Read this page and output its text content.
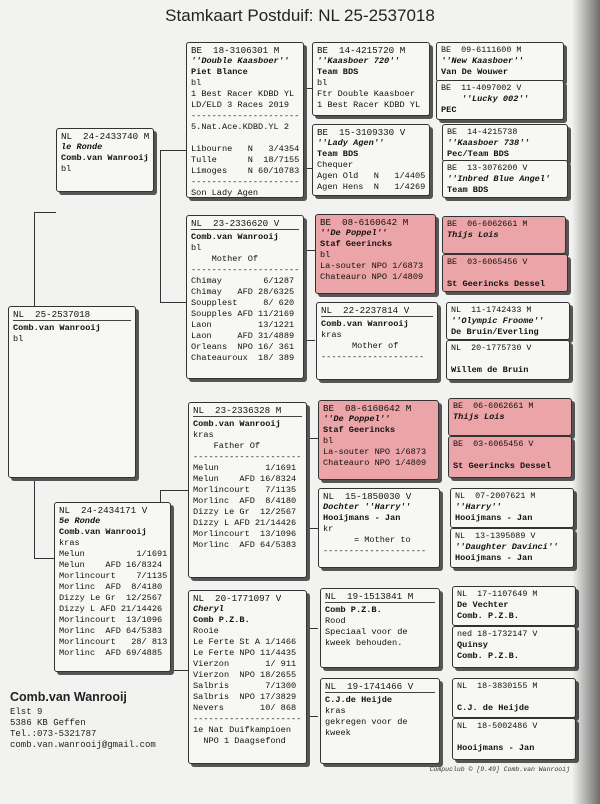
Stamkaart Postduif: NL 25-2537018
NL  25-2537018
Comb.van Wanrooij
bl
NL  24-2433740 M
le Ronde
Comb.van Wanrooij
bl
NL  24-2434171 V
5e Ronde
Comb.van Wanrooij
kras
Melun          1/1691
Melun    AFD 16/8324
Morlincourt    7/1135
Morlinc  AFD  8/4180
Dizzy Le Gr  12/2567
Dizzy L AFD 21/14426
Morlincourt  13/1096
Morlinc  AFD 64/5383
Morlincourt   28/ 813
Morlinc  AFD 69/4885
BE  18-3106301 M
''Double Kaasboer''
Piet Blance
bl
1 Best Racer KDBD YL
LD/ELD 3 Races 2019
---------------------
5.Nat.Ace.KDBD.YL 2
Libourne   N   3/4354
Tulle      N  18/7155
Limoges    N 60/10783
---------------------
Son Lady Agen
NL  23-2336620 V
Comb.van Wanrooij
bl
Mother Of
---------------------
Chimay        6/1287
Chimay   AFD 28/6325
Soupplest     8/ 620
Soupples AFD 11/2169
Laon         13/1221
Laon     AFD 31/4889
Orleans  NPO 16/ 361
Chateauroux  18/ 389
NL  23-2336328 M
Comb.van Wanrooij
kras
Father Of
---------------------
Melun         1/1691
Melun    AFD 16/8324
Morlincourt   7/1135
Morlinc  AFD  8/4180
Dizzy Le Gr  12/2567
Dizzy L AFD 21/14426
Morlincourt  13/1096
Morlinc  AFD 64/5383
NL  20-1771097 V
Cheryl
Comb P.Z.B.
Rooie
Le Ferte St A 1/1466
Le Ferte NPO 11/4435
Vierzon       1/ 911
Vierzon  NPO 18/2655
Salbris       7/1300
Salbris  NPO 17/3829
Nevers       10/ 868
---------------------
1e Nat Duifkampioen
NPO 1 Daagsefond
BE  14-4215720 M
''Kaasboer 720''
Team BDS
bl
Ftr Double Kaasboer
1 Best Racer KDBD YL
BE  15-3109330 V
''Lady Agen''
Team BDS
Chequer
Agen Old   N   1/4405
Agen Hens  N   1/4269
BE  08-6160642 M
''De Poppel''
Staf Geerincks
bl
La-souter NPO 1/6873
Chateauro NPO 1/4809
NL  22-2237814 V
Comb.van Wanrooij
kras
Mother of
--------------------
BE  08-6160642 M
''De Poppel''
Staf Geerincks
bl
La-souter NPO 1/6873
Chateauro NPO 1/4809
NL  15-1850030 V
Dochter ''Harry''
Hooijmans - Jan
kr
= Mother to
--------------------
NL  19-1513841 M
Comb P.Z.B.
Rood
Speciaal voor de
kweek behouden.
NL  19-1741466 V
C.J.de Heijde
kras
gekregen voor de
kweek
BE  09-6111600 M
''New Kaasboer''
Van De Wouwer
BE  11-4097002 V
''Lucky 002''
PEC
BE  14-4215738
''Kaasboer 738''
Pec/Team BDS
BE  13-3076200 V
''Inbred Blue Angel'
Team BDS
BE  06-6062661 M
Thijs Lois
BE  03-6065456 V
St Geerincks Dessel
NL  11-1742433 M
''Olympic Froome''
De Bruin/Everling
NL  20-1775730 V
Willem de Bruin
BE  06-6062661 M
Thijs Lois
BE  03-6065456 V
St Geerincks Dessel
NL  07-2007621 M
''Harry''
Hooijmans - Jan
NL  13-1395089 V
''Daughter Davinci''
Hooijmans - Jan
NL  17-1107649 M
De Vechter
Comb. P.Z.B.
ned 18-1732147 V
Quinsy
Comb. P.Z.B.
NL  18-3830155 M
C.J. de Heijde
NL  18-5002486 V
Hooijmans - Jan
Comb.van Wanrooij
Elst 9
5386 KB Geffen
Tel.:073-5321787
comb.van.wanrooij@gmail.com
Compuclub © [9.49] Comb.van Wanrooij
